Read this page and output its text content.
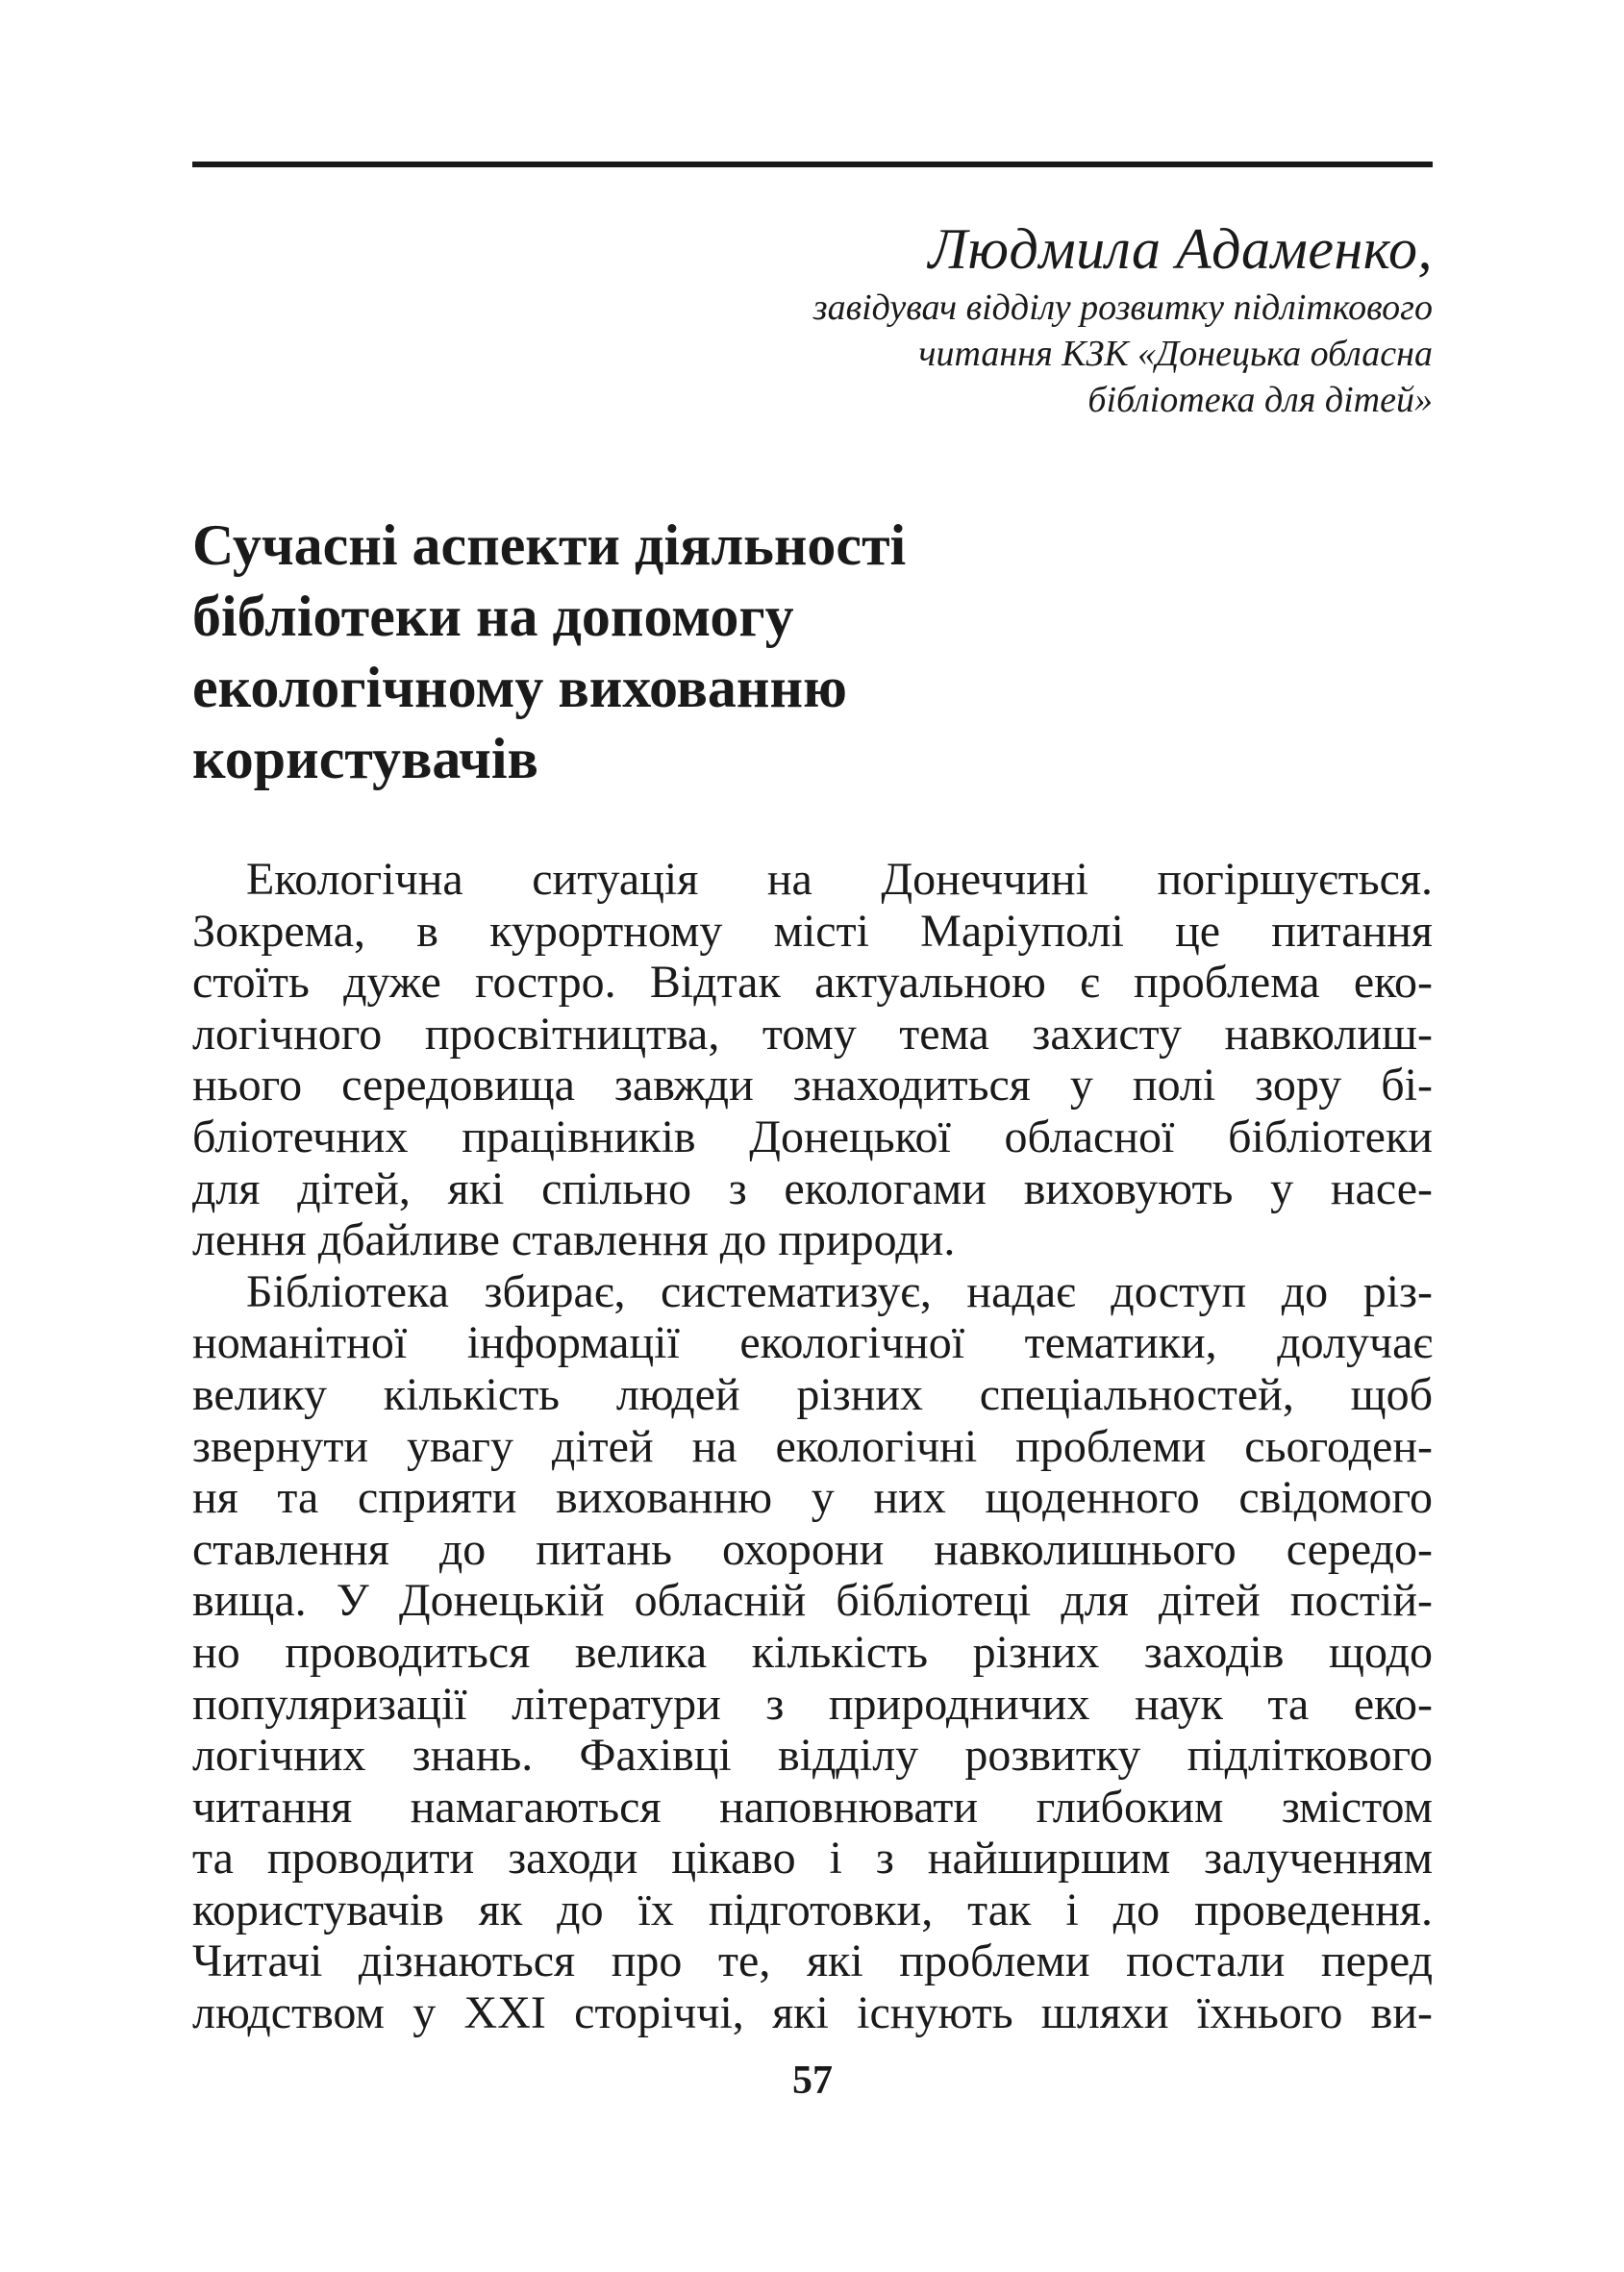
Людмила Адаменко,
завідувач відділу розвитку підліткового
читання КЗК «Донецька обласна
бібліотека для дітей»
Сучасні аспекти діяльності
бібліотеки на допомогу
екологічному вихованню
користувачів
Екологічна ситуація на Донеччині погіршується.
Зокрема, в курортному місті Маріуполі це питання
стоїть дуже гостро. Відтак актуальною є проблема еко-
логічного просвітництва, тому тема захисту навколиш-
нього середовища завжди знаходиться у полі зору бі-
бліотечних працівників Донецької обласної бібліотеки
для дітей, які спільно з екологами виховують у насе-
лення дбайливе ставлення до природи.
Бібліотека збирає, систематизує, надає доступ до різ-
номанітної інформації екологічної тематики, долучає
велику кількість людей різних спеціальностей, щоб
звернути увагу дітей на екологічні проблеми сьогоден-
ня та сприяти вихованню у них щоденного свідомого
ставлення до питань охорони навколишнього середо-
вища. У Донецькій обласній бібліотеці для дітей постій-
но проводиться велика кількість різних заходів щодо
популяризації літератури з природничих наук та еко-
логічних знань. Фахівці відділу розвитку підліткового
читання намагаються наповнювати глибоким змістом
та проводити заходи цікаво і з найширшим залученням
користувачів як до їх підготовки, так і до проведення.
Читачі дізнаються про те, які проблеми постали перед
людством у ХХІ сторіччі, які існують шляхи їхнього ви-
57
